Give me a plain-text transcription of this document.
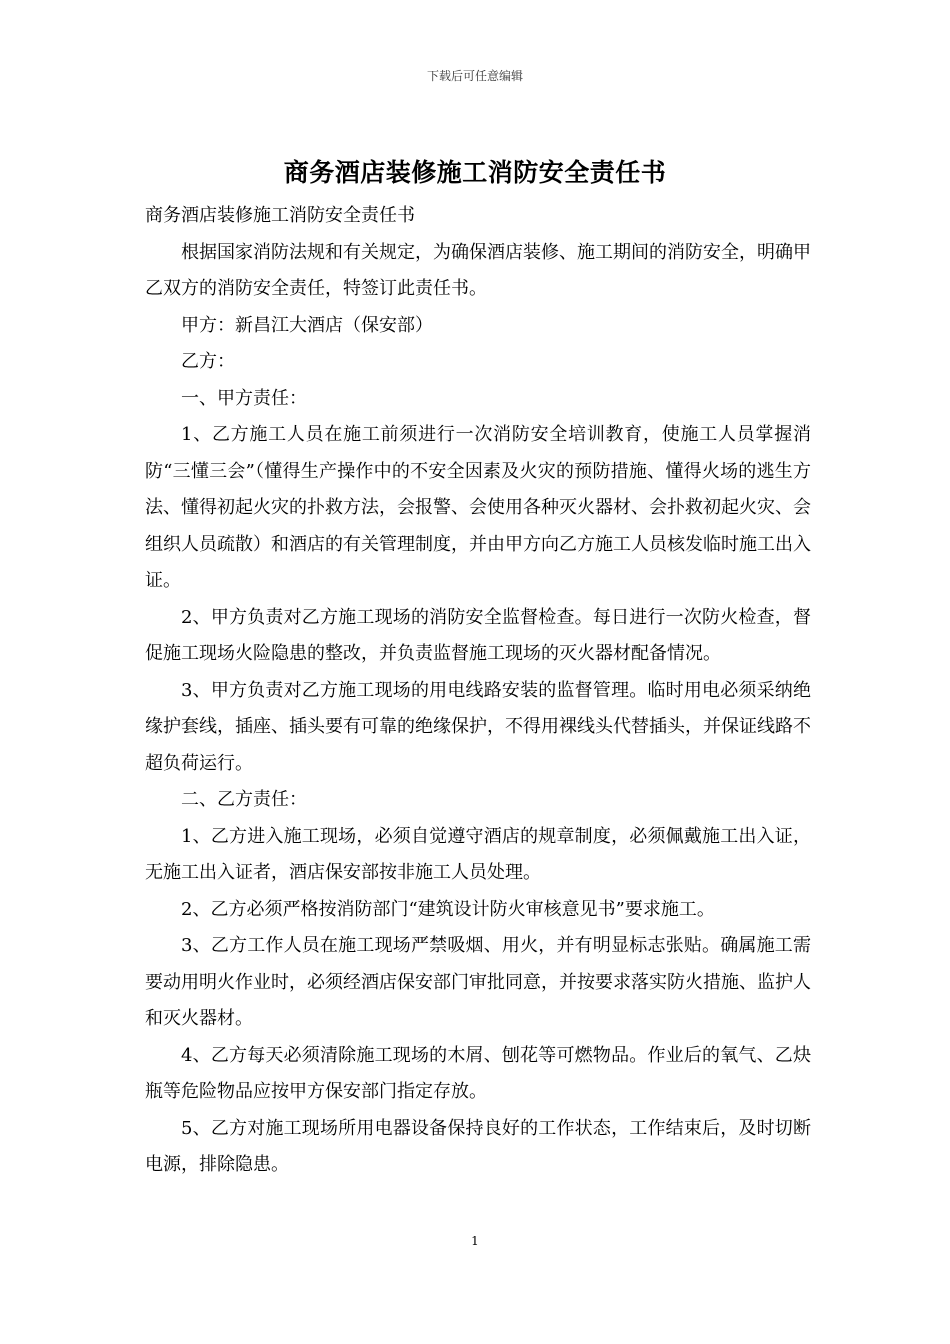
下载后可任意编辑
商务酒店装修施工消防安全责任书

商务酒店装修施工消防安全责任书

根据国家消防法规和有关规定，为确保酒店装修、施工期间的消防安全，明确甲乙双方的消防安全责任，特签订此责任书。

甲方：新昌江大酒店（保安部）

乙方：

一、甲方责任：

1、乙方施工人员在施工前须进行一次消防安全培训教育，使施工人员掌握消防“三懂三会”（懂得生产操作中的不安全因素及火灾的预防措施、懂得火场的逃生方法、懂得初起火灾的扑救方法，会报警、会使用各种灭火器材、会扑救初起火灾、会组织人员疏散）和酒店的有关管理制度，并由甲方向乙方施工人员核发临时施工出入证。

2、甲方负责对乙方施工现场的消防安全监督检查。每日进行一次防火检查，督促施工现场火险隐患的整改，并负责监督施工现场的灭火器材配备情况。

3、甲方负责对乙方施工现场的用电线路安装的监督管理。临时用电必须采纳绝缘护套线，插座、插头要有可靠的绝缘保护，不得用裸线头代替插头，并保证线路不超负荷运行。

二、乙方责任：

1、乙方进入施工现场，必须自觉遵守酒店的规章制度，必须佩戴施工出入证，无施工出入证者，酒店保安部按非施工人员处理。

2、乙方必须严格按消防部门“建筑设计防火审核意见书”要求施工。

3、乙方工作人员在施工现场严禁吸烟、用火，并有明显标志张贴。确属施工需要动用明火作业时，必须经酒店保安部门审批同意，并按要求落实防火措施、监护人和灭火器材。

4、乙方每天必须清除施工现场的木屑、刨花等可燃物品。作业后的氧气、乙炔瓶等危险物品应按甲方保安部门指定存放。

5、乙方对施工现场所用电器设备保持良好的工作状态，工作结束后，及时切断电源，排除隐患。

1
